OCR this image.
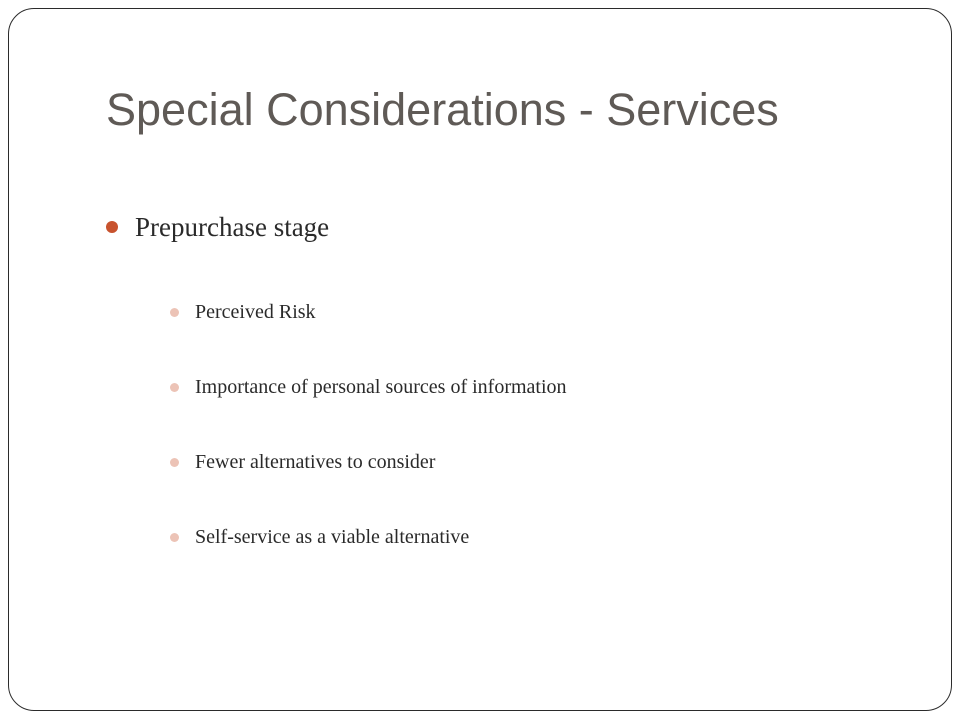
Special Considerations - Services
Prepurchase stage
Perceived Risk
Importance of personal sources of information
Fewer alternatives to consider
Self-service as a viable alternative
